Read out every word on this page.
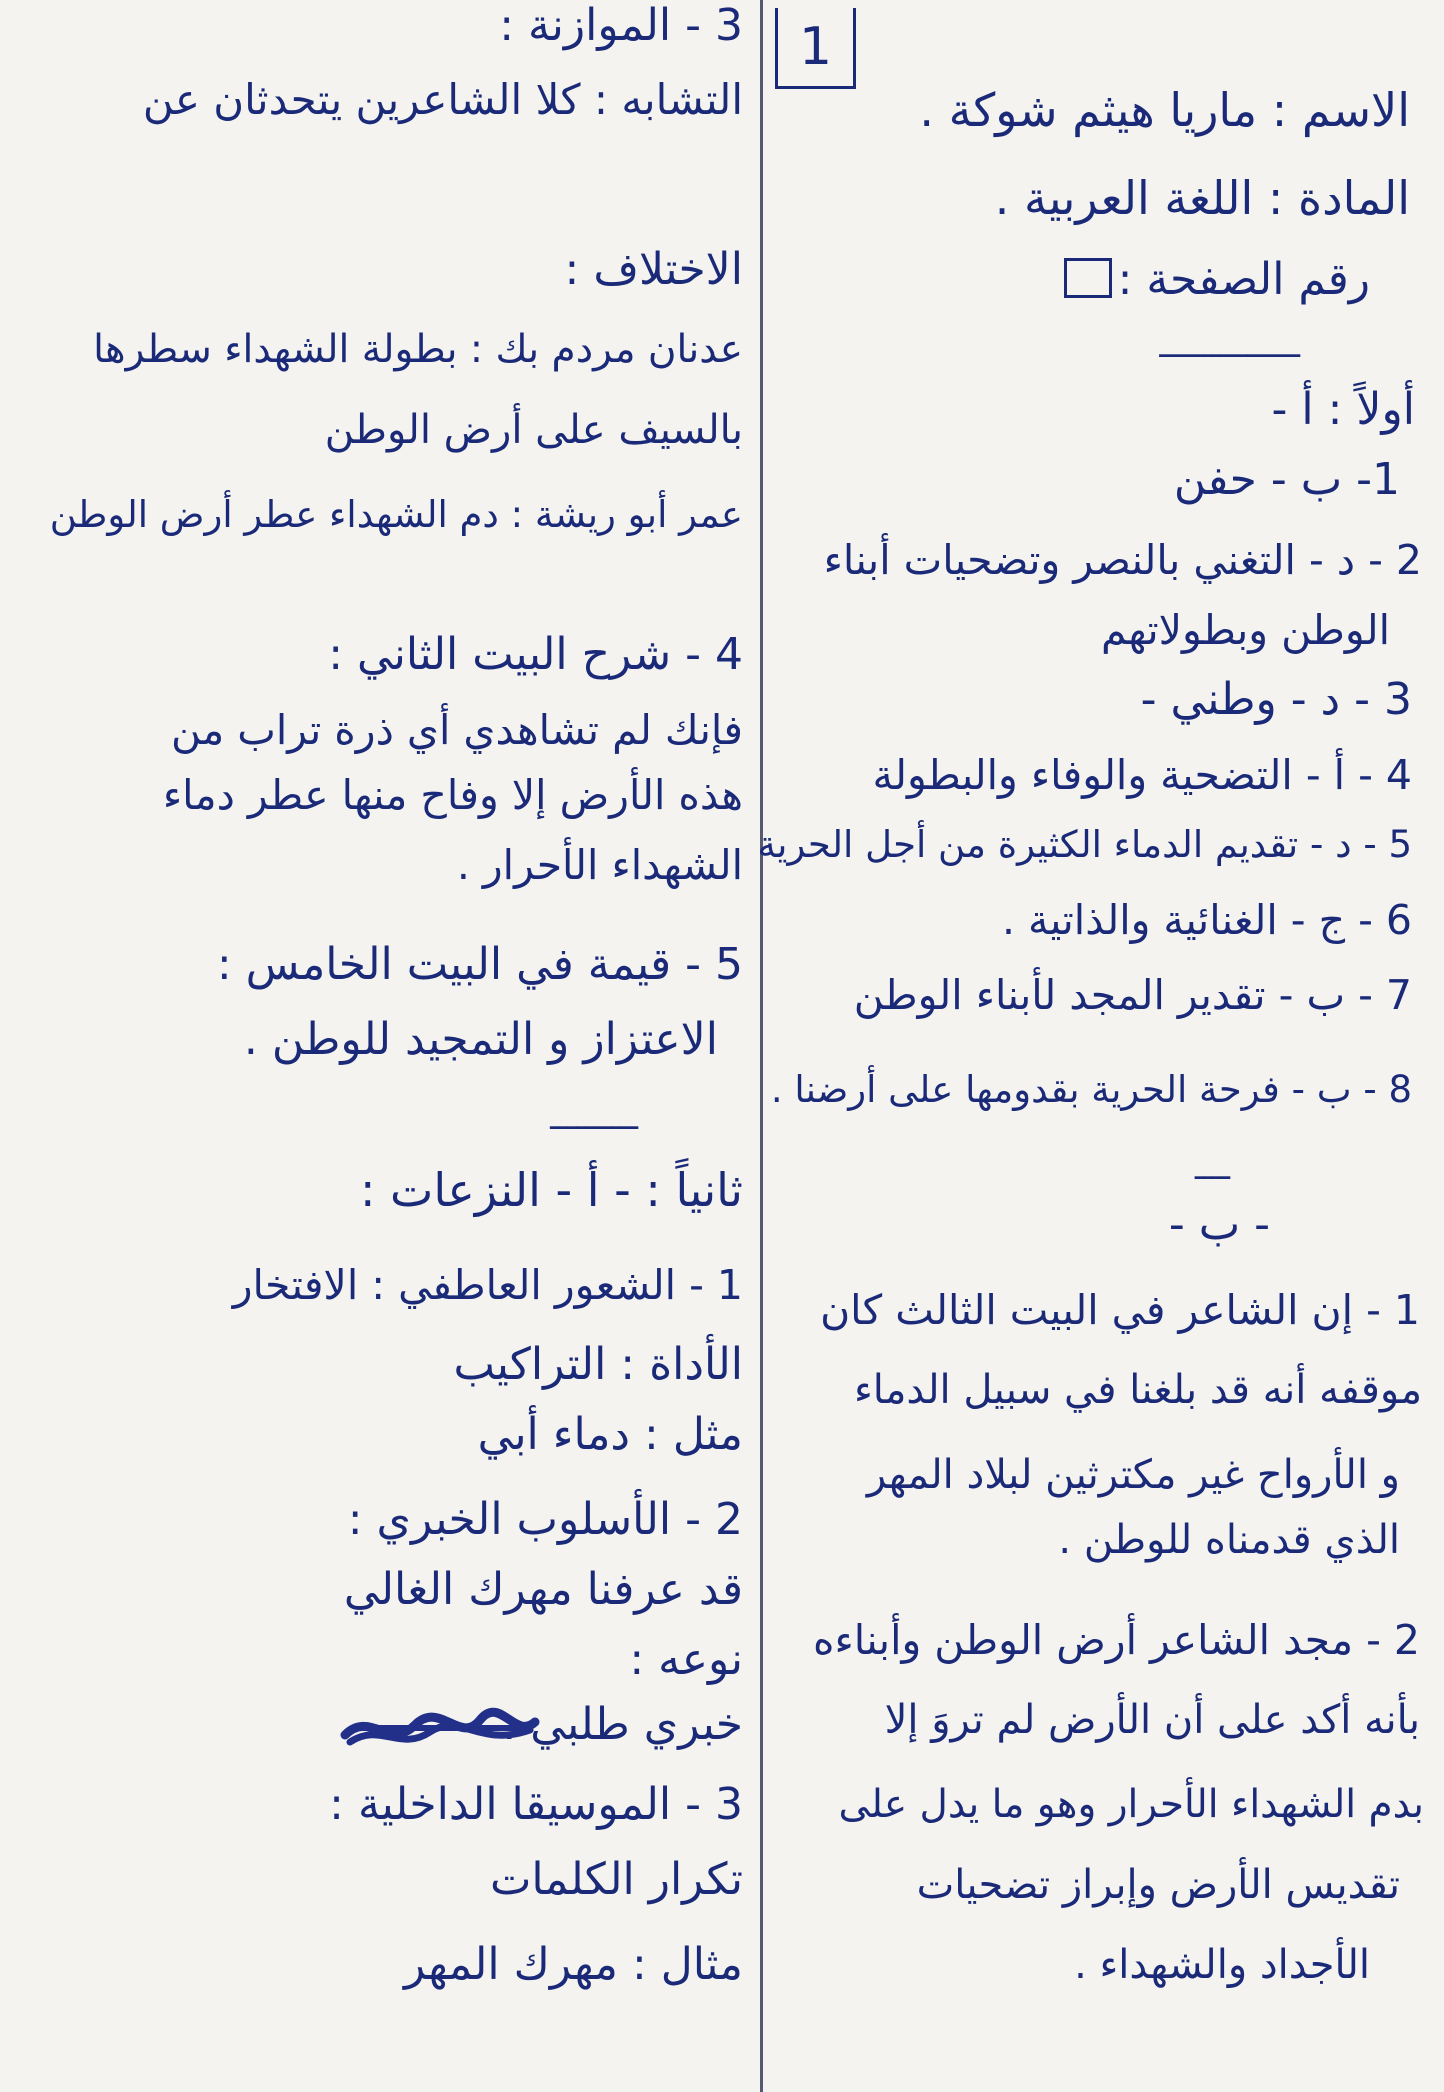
1
الاسم : ماريا هيثم شوكة .
المادة : اللغة العربية .
رقم الصفحة :
ــــــــــــــــ
أولاً : أ -
1- ب - حفن
2 - د - التغني بالنصر وتضحيات أبناء
الوطن وبطولاتهم
3 - د - وطني -
4 - أ - التضحية والوفاء والبطولة
5 - د - تقديم الدماء الكثيرة من أجل الحرية
6 - ج - الغنائية والذاتية .
7 - ب - تقدير المجد لأبناء الوطن
8 - ب - فرحة الحرية بقدومها على أرضنا .
ــــ
- ب -
1 - إن الشاعر في البيت الثالث كان
موقفه أنه قد بلغنا في سبيل الدماء
و الأرواح غير مكترثين لبلاد المهر
الذي قدمناه للوطن .
2 - مجد الشاعر أرض الوطن وأبناءه
بأنه أكد على أن الأرض لم تروَ إلا
بدم الشهداء الأحرار وهو ما يدل على
تقديس الأرض وإبراز تضحيات
الأجداد والشهداء .
3 - الموازنة :
التشابه : كلا الشاعرين يتحدثان عن
الاختلاف :
عدنان مردم بك : بطولة الشهداء سطرها
بالسيف على أرض الوطن
عمر أبو ريشة : دم الشهداء عطر أرض الوطن
4 - شرح البيت الثاني :
فإنك لم تشاهدي أي ذرة تراب من
هذه الأرض إلا وفاح منها عطر دماء
الشهداء الأحرار .
5 - قيمة في البيت الخامس :
الاعتزاز و التمجيد للوطن .
ــــــــــ
ثانياً : - أ - النزعات :
1 - الشعور العاطفي : الافتخار
الأداة : التراكيب
مثل : دماء أبي
2 - الأسلوب الخبري :
قد عرفنا مهرك الغالي
نوعه :
خبري طلبي .
3 - الموسيقا الداخلية :
تكرار الكلمات
مثال : مهرك المهر
